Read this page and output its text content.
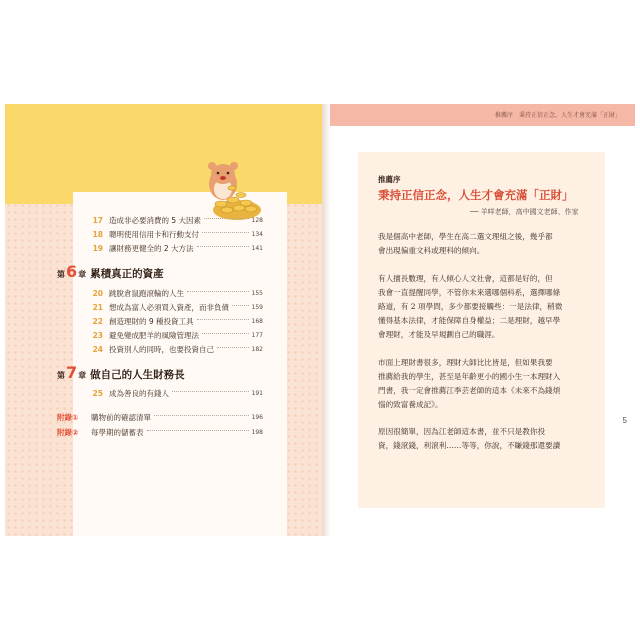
17 造成非必要消費的 5 大因素	128
18 聰明使用信用卡和行動支付	134
19 讓財務更健全的 2 大方法	141
第 6 章 累積真正的資產
20 跳脫倉鼠跑滾輪的人生	155
21 想成為富人必須買入資產，而非負債	159
22 創造理財的 9 種投資工具	168
23 避免變成肥羊的風險管理法	177
24 投資別人的同時，也要投資自己	182
第 7 章 做自己的人生財務長
25 成為善良的有錢人	191
附錄①	購物前的確認清單	196
附錄②	每學期的儲蓄表	198
推薦序　秉持正信正念，人生才會充滿「正財」
推薦序
秉持正信正念，人生才會充滿「正財」
── 羊咩老師，高中國文老師、作家
我是個高中老師，學生在高二選文理組之後，幾乎都
會出現偏重文科或理科的傾向。
有人擅長數理，有人傾心人文社會，這都是好的，但
我會一直提醒同學，不管你未來選哪個科系，選擇哪條
路道，有 2 項學問，多少都要接觸些：一是法律，稍微
懂得基本法律，才能保障自身權益；二是理財，越早學
會理財，才能及早規劃自己的職涯。
市面上理財書很多，理財大師比比皆是，但如果我要
推薦給我的學生，甚至是年齡更小的國小生一本理財入
門書，我一定會推薦江季芸老師的這本《未來不為錢煩
惱的致富養成記》。
原因很簡單，因為江老師這本書，並不只是教你投
資，錢滾錢，利滾利……等等，你說，不賺錢那還要讀
5
